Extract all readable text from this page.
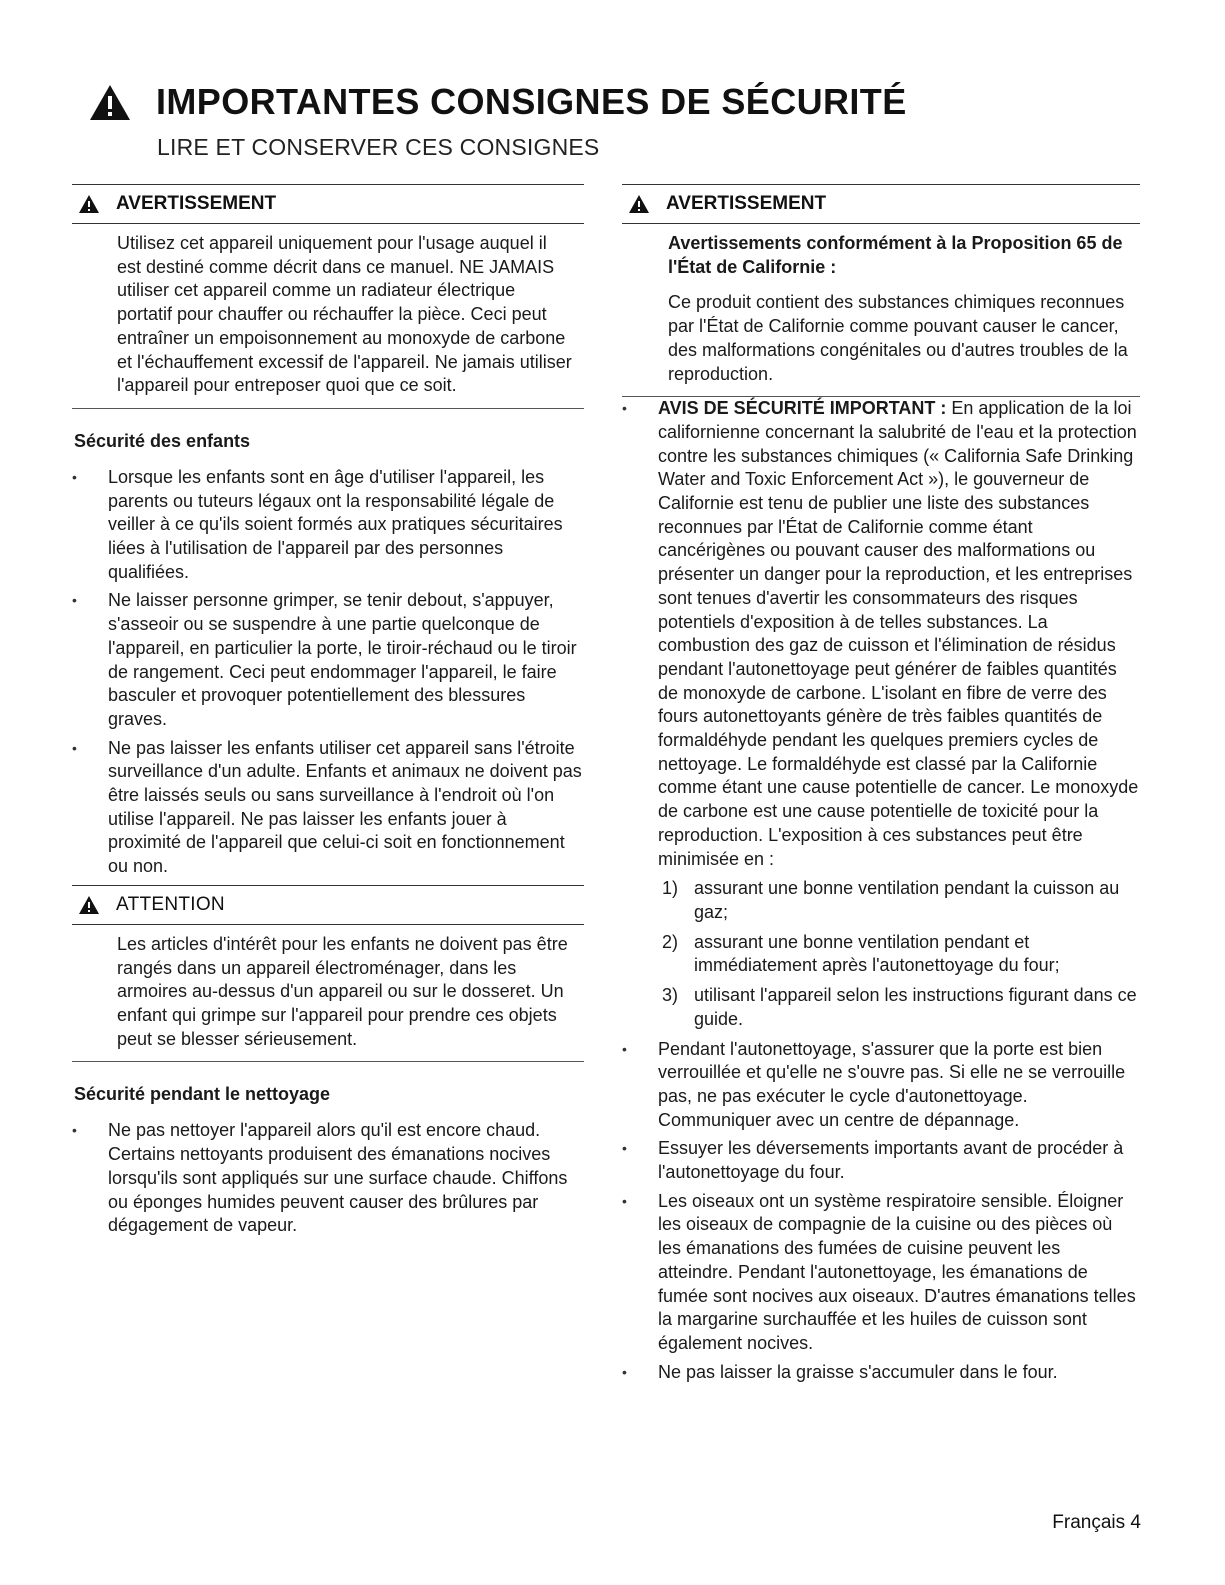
IMPORTANTES CONSIGNES DE SÉCURITÉ
LIRE ET CONSERVER CES CONSIGNES
AVERTISSEMENT

Utilisez cet appareil uniquement pour l'usage auquel il est destiné comme décrit dans ce manuel. NE JAMAIS utiliser cet appareil comme un radiateur électrique portatif pour chauffer ou réchauffer la pièce. Ceci peut entraîner un empoisonnement au monoxyde de carbone et l'échauffement excessif de l'appareil. Ne jamais utiliser l'appareil pour entreposer quoi que ce soit.

Sécurité des enfants
• Lorsque les enfants sont en âge d'utiliser l'appareil, les parents ou tuteurs légaux ont la responsabilité légale de veiller à ce qu'ils soient formés aux pratiques sécuritaires liées à l'utilisation de l'appareil par des personnes qualifiées.
• Ne laisser personne grimper, se tenir debout, s'appuyer, s'asseoir ou se suspendre à une partie quelconque de l'appareil, en particulier la porte, le tiroir-réchaud ou le tiroir de rangement. Ceci peut endommager l'appareil, le faire basculer et provoquer potentiellement des blessures graves.
• Ne pas laisser les enfants utiliser cet appareil sans l'étroite surveillance d'un adulte. Enfants et animaux ne doivent pas être laissés seuls ou sans surveillance à l'endroit où l'on utilise l'appareil. Ne pas laisser les enfants jouer à proximité de l'appareil que celui-ci soit en fonctionnement ou non.
ATTENTION

Les articles d'intérêt pour les enfants ne doivent pas être rangés dans un appareil électroménager, dans les armoires au-dessus d'un appareil ou sur le dosseret. Un enfant qui grimpe sur l'appareil pour prendre ces objets peut se blesser sérieusement.

Sécurité pendant le nettoyage
• Ne pas nettoyer l'appareil alors qu'il est encore chaud. Certains nettoyants produisent des émanations nocives lorsqu'ils sont appliqués sur une surface chaude. Chiffons ou éponges humides peuvent causer des brûlures par dégagement de vapeur.
AVERTISSEMENT

Avertissements conformément à la Proposition 65 de l'État de Californie :

Ce produit contient des substances chimiques reconnues par l'État de Californie comme pouvant causer le cancer, des malformations congénitales ou d'autres troubles de la reproduction.

• AVIS DE SÉCURITÉ IMPORTANT : En application de la loi californienne concernant la salubrité de l'eau et la protection contre les substances chimiques (« California Safe Drinking Water and Toxic Enforcement Act »), le gouverneur de Californie est tenu de publier une liste des substances reconnues par l'État de Californie comme étant cancérigènes ou pouvant causer des malformations ou présenter un danger pour la reproduction, et les entreprises sont tenues d'avertir les consommateurs des risques potentiels d'exposition à de telles substances. La combustion des gaz de cuisson et l'élimination de résidus pendant l'autonettoyage peut générer de faibles quantités de monoxyde de carbone. L'isolant en fibre de verre des fours autonettoyants génère de très faibles quantités de formaldéhyde pendant les quelques premiers cycles de nettoyage. Le formaldéhyde est classé par la Californie comme étant une cause potentielle de cancer. Le monoxyde de carbone est une cause potentielle de toxicité pour la reproduction. L'exposition à ces substances peut être minimisée en :
1) assurant une bonne ventilation pendant la cuisson au gaz;
2) assurant une bonne ventilation pendant et immédiatement après l'autonettoyage du four;
3) utilisant l'appareil selon les instructions figurant dans ce guide.
• Pendant l'autonettoyage, s'assurer que la porte est bien verrouillée et qu'elle ne s'ouvre pas. Si elle ne se verrouille pas, ne pas exécuter le cycle d'autonettoyage. Communiquer avec un centre de dépannage.
• Essuyer les déversements importants avant de procéder à l'autonettoyage du four.
• Les oiseaux ont un système respiratoire sensible. Éloigner les oiseaux de compagnie de la cuisine ou des pièces où les émanations des fumées de cuisine peuvent les atteindre. Pendant l'autonettoyage, les émanations de fumée sont nocives aux oiseaux. D'autres émanations telles la margarine surchauffée et les huiles de cuisson sont également nocives.
• Ne pas laisser la graisse s'accumuler dans le four.
Français 4
